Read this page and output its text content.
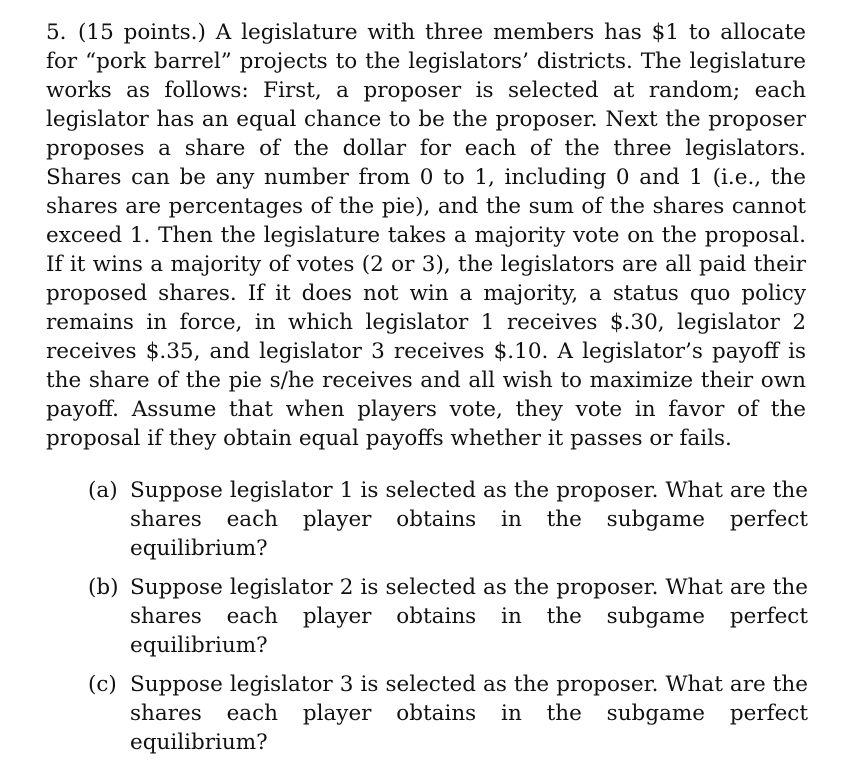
5. (15 points.) A legislature with three members has $1 to allocate for “pork barrel” projects to the legislators’ districts. The legislature works as follows: First, a proposer is selected at random; each legislator has an equal chance to be the proposer. Next the proposer proposes a share of the dollar for each of the three legislators. Shares can be any number from 0 to 1, including 0 and 1 (i.e., the shares are percentages of the pie), and the sum of the shares cannot exceed 1. Then the legislature takes a majority vote on the proposal. If it wins a majority of votes (2 or 3), the legislators are all paid their proposed shares. If it does not win a majority, a status quo policy remains in force, in which legislator 1 receives $.30, legislator 2 receives $.35, and legislator 3 receives $.10. A legislator’s payoff is the share of the pie s/he receives and all wish to maximize their own payoff. Assume that when players vote, they vote in favor of the proposal if they obtain equal payoffs whether it passes or fails.

(a) Suppose legislator 1 is selected as the proposer. What are the shares each player obtains in the subgame perfect equilibrium?
(b) Suppose legislator 2 is selected as the proposer. What are the shares each player obtains in the subgame perfect equilibrium?
(c) Suppose legislator 3 is selected as the proposer. What are the shares each player obtains in the subgame perfect equilibrium?
